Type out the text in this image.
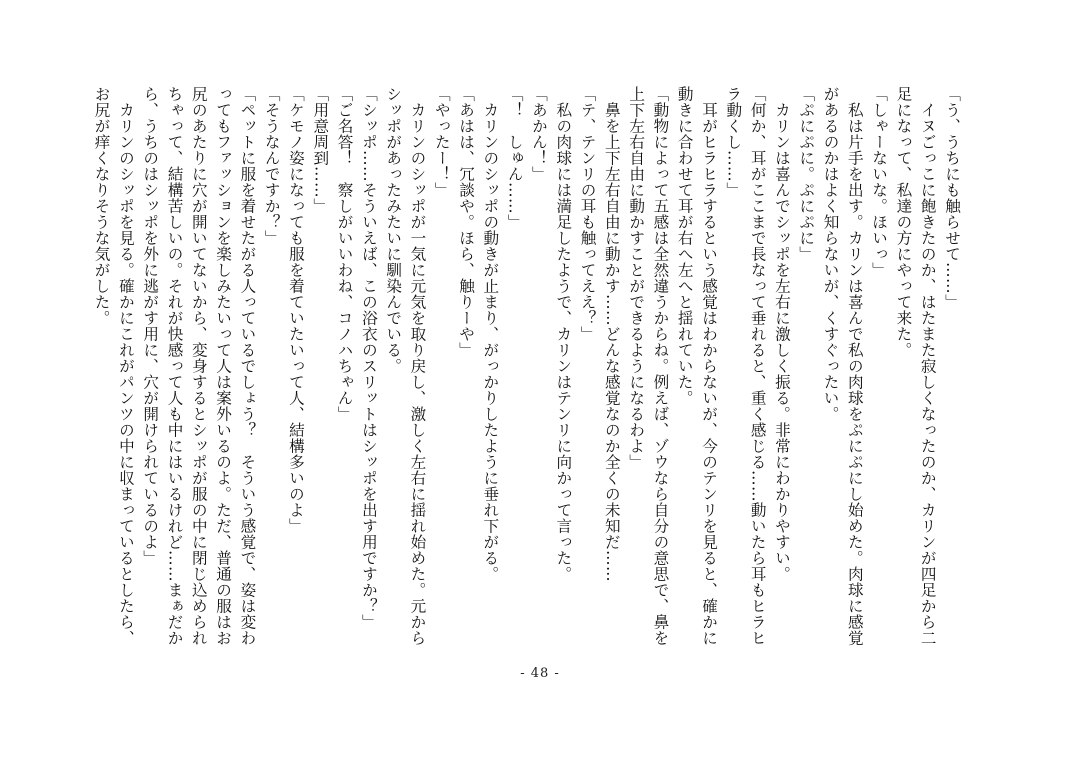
「う、うちにも触らせて……」
　イヌごっこに飽きたのか、はたまた寂しくなったのか、カリンが四足から二
足になって、私達の方にやって来た。
「しゃーないな。ほいっ」
　私は片手を出す。カリンは喜んで私の肉球をぷにぷにし始めた。肉球に感覚
があるのかはよく知らないが、くすぐったい。
「ぷにぷに。ぷにぷに」
　カリンは喜んでシッポを左右に激しく振る。非常にわかりやすい。
「何か、耳がここまで長なって垂れると、重く感じる……動いたら耳もヒラヒ
ラ動くし……」
　耳がヒラヒラするという感覚はわからないが、今のテンリを見ると、確かに
動きに合わせて耳が右へ左へと揺れていた。
「動物によって五感は全然違うからね。例えば、ゾウなら自分の意思で、鼻を
上下左右自由に動かすことができるようになるわよ」
　鼻を上下左右自由に動かす……どんな感覚なのか全くの未知だ……
「テ、テンリの耳も触ってええ？」
　私の肉球には満足したようで、カリンはテンリに向かって言った。
「あかん！」
「！　しゅん……」
　カリンのシッポの動きが止まり、がっかりしたように垂れ下がる。
「あはは、冗談や。ほら、触りーや」
「やったー！」
　カリンのシッポが一気に元気を取り戻し、激しく左右に揺れ始めた。元から
シッポがあったみたいに馴染んでいる。
「シッポ……そういえば、この浴衣のスリットはシッポを出す用ですか？」
「ご名答！　察しがいいわね、コノハちゃん」
「用意周到……」
「ケモノ姿になっても服を着ていたいって人、結構多いのよ」
「そうなんですか？」
「ペットに服を着せたがる人っているでしょう？　そういう感覚で、姿は変わ
ってもファッションを楽しみたいって人は案外いるのよ。ただ、普通の服はお
尻のあたりに穴が開いてないから、変身するとシッポが服の中に閉じ込められ
ちゃって、結構苦しいの。それが快感って人も中にはいるけれど……まぁだか
ら、うちのはシッポを外に逃がす用に、穴が開けられているのよ」
　カリンのシッポを見る。確かにこれがパンツの中に収まっているとしたら、
お尻が痒くなりそうな気がした。
- 48 -
